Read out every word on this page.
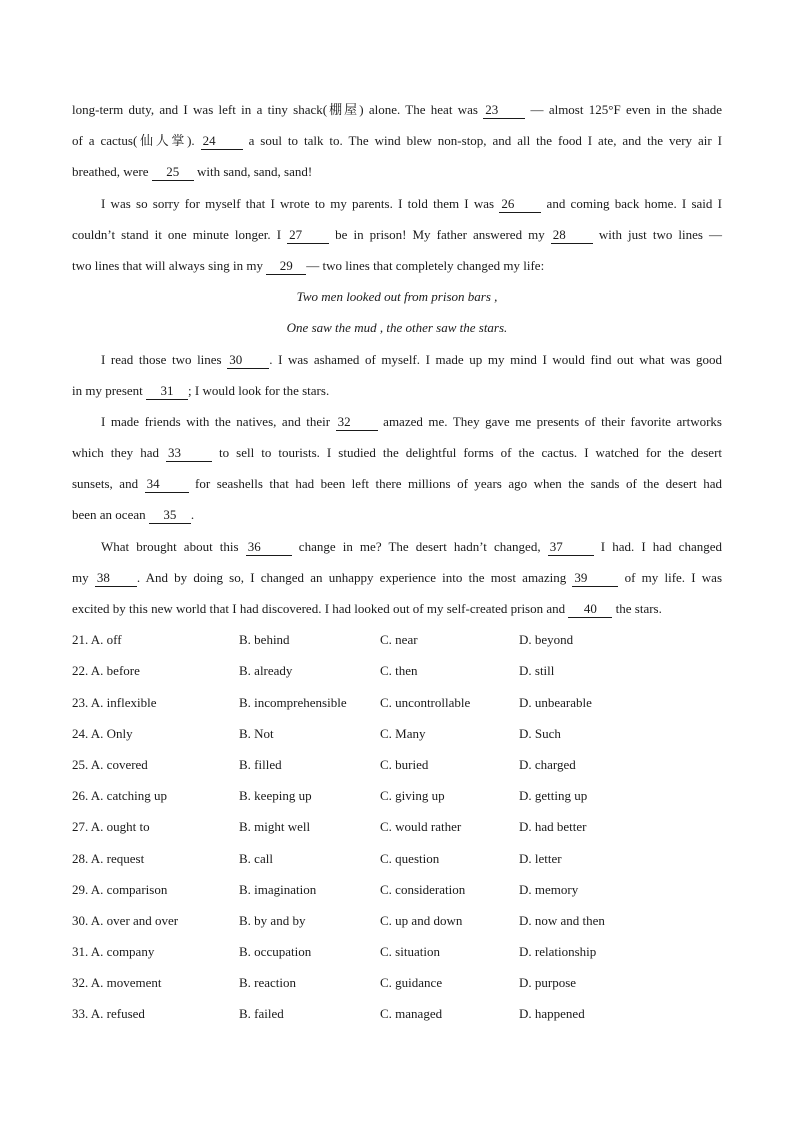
long-term duty, and I was left in a tiny shack(棚屋) alone. The heat was 23 — almost 125°F even in the shade
of a cactus(仙人掌). 24 a soul to talk to. The wind blew non-stop, and all the food I ate, and the very air I
breathed, were 25 with sand, sand, sand!
I was so sorry for myself that I wrote to my parents. I told them I was 26 and coming back home. I said I
couldn’t stand it one minute longer. I 27 be in prison! My father answered my 28 with just two lines —
two lines that will always sing in my 29 — two lines that completely changed my life:
Two men looked out from prison bars ,
One saw the mud , the other saw the stars.
I read those two lines 30 . I was ashamed of myself. I made up my mind I would find out what was good
in my present 31 ; I would look for the stars.
I made friends with the natives, and their 32 amazed me. They gave me presents of their favorite artworks
which they had 33 to sell to tourists. I studied the delightful forms of the cactus. I watched for the desert
sunsets, and 34 for seashells that had been left there millions of years ago when the sands of the desert had
been an ocean 35 .
What brought about this 36 change in me? The desert hadn’t changed, 37 I had. I had changed
my 38 . And by doing so, I changed an unhappy experience into the most amazing 39 of my life. I was
excited by this new world that I had discovered. I had looked out of my self-created prison and 40 the stars.
21. A. off	B. behind	C. near	D. beyond
22. A. before	B. already	C. then	D. still
23. A. inflexible	B. incomprehensible	C. uncontrollable	D. unbearable
24. A. Only	B. Not	C. Many	D. Such
25. A. covered	B. filled	C. buried	D. charged
26. A. catching up	B. keeping up	C. giving up	D. getting up
27. A. ought to	B. might well	C. would rather	D. had better
28. A. request	B. call	C. question	D. letter
29. A. comparison	B. imagination	C. consideration	D. memory
30. A. over and over	B. by and by	C. up and down	D. now and then
31. A. company	B. occupation	C. situation	D. relationship
32. A. movement	B. reaction	C. guidance	D. purpose
33. A. refused	B. failed	C. managed	D. happened
